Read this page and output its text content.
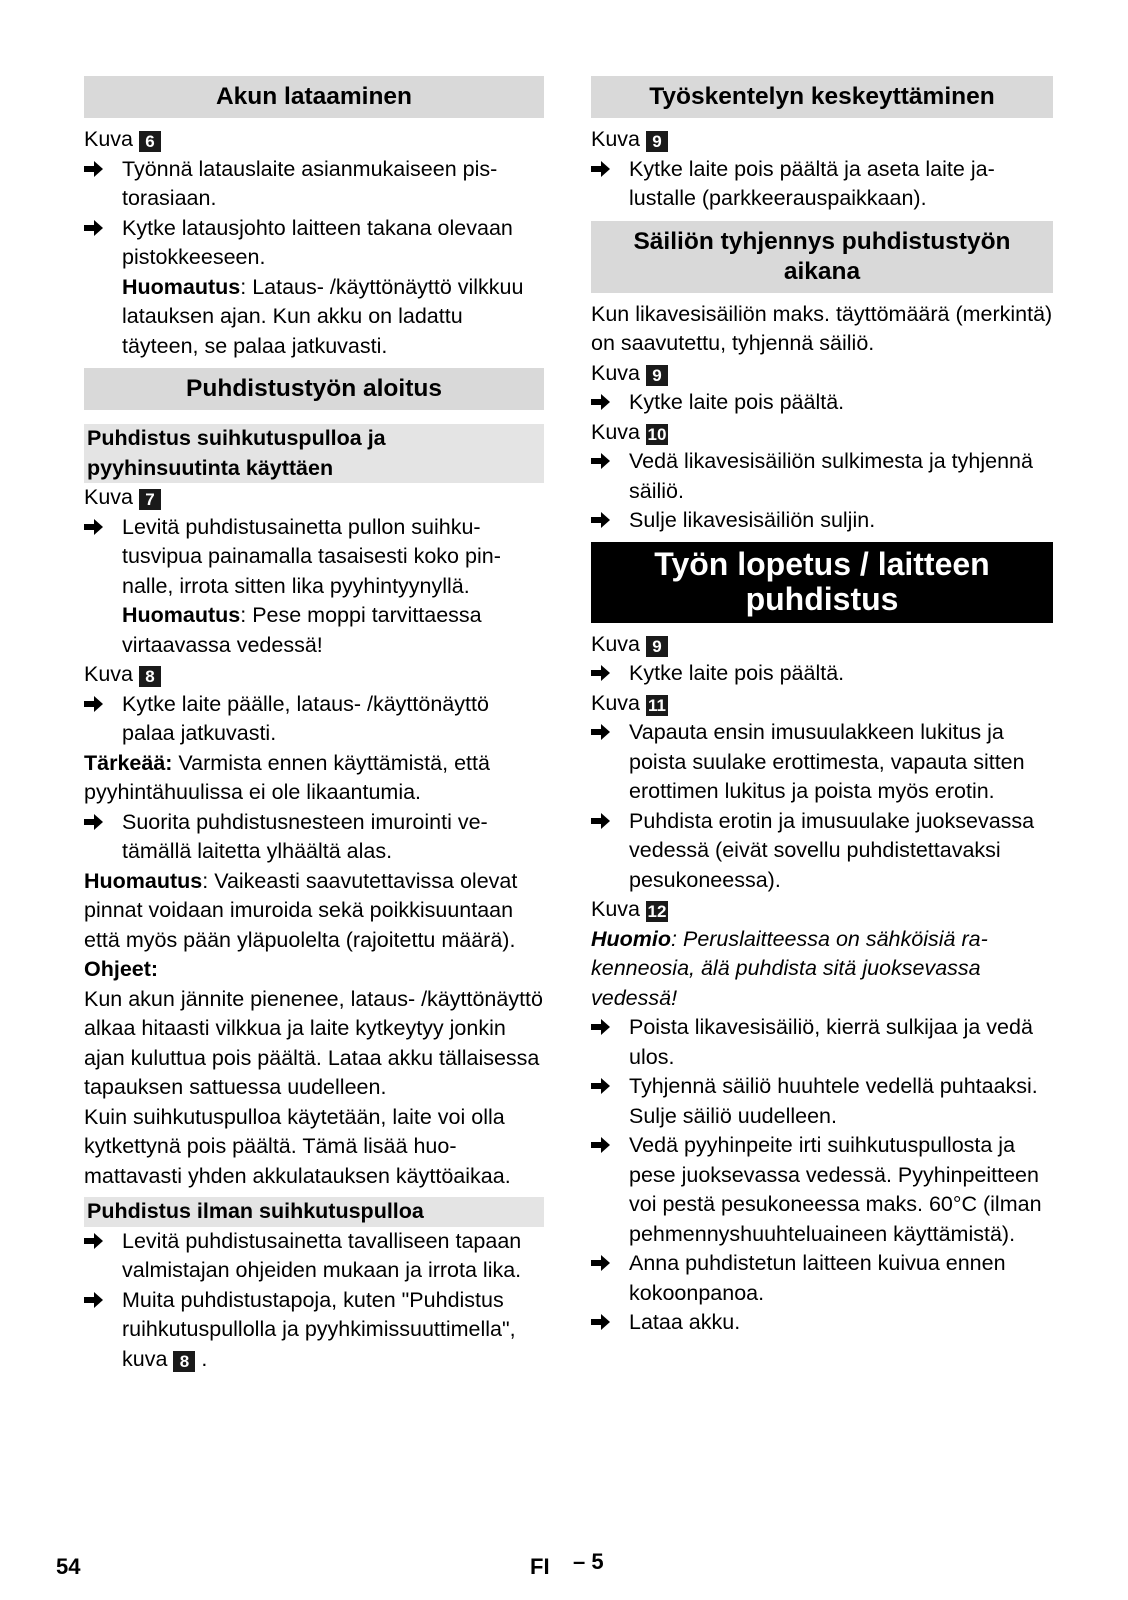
Akun lataaminen

Kuva 6

Työnnä latauslaite asianmukaiseen pistorasiaan.
Kytke latausjohto laitteen takana olevaan pistokkeeseen.
Huomautus: Lataus- /käyttönäyttö vilkkuu latauksen ajan. Kun akku on ladattu täyteen, se palaa jatkuvasti.
Puhdistustyön aloitus
Puhdistus suihkutuspulloa ja pyyhinsuutinta käyttäen

Kuva 7

Levitä puhdistusainetta pullon suihkutusvipua painamalla tasaisesti koko pinnalle, irrota sitten lika pyyhintyynyllä.
Huomautus: Pese moppi tarvittaessa virtaavassa vedessä!

Kuva 8

Kytke laite päälle, lataus- /käyttönäyttö palaa jatkuvasti.

Tärkeää: Varmista ennen käyttämistä, että pyyhintähuulissa ei ole likaantumia.

Suorita puhdistusnesteen imurointi vetämällä laitetta ylhäältä alas.

Huomautus: Vaikeasti saavutettavissa olevat pinnat voidaan imuroida sekä poikkisuuntaan että myös pään yläpuolelta (rajoitettu määrä).

Ohjeet:

Kun akun jännite pienenee, lataus- /käyttönäyttö alkaa hitaasti vilkkua ja laite kytkeytyy jonkin ajan kuluttua pois päältä. Lataa akku tällaisessa tapauksen sattuessa uudelleen.

Kuin suihkutuspulloa käytetään, laite voi olla kytkettynä pois päältä. Tämä lisää huomattavasti yhden akkulatauksen käyttöaikaa.

Puhdistus ilman suihkutuspulloa
Levitä puhdistusainetta tavalliseen tapaan valmistajan ohjeiden mukaan ja irrota lika.
Muita puhdistustapoja, kuten "Puhdistus ruihkutuspullolla ja pyyhkimissuuttimella", kuva 8 .
Työskentelyn keskeyttäminen

Kuva 9

Kytke laite pois päältä ja aseta laite jalustalle (parkkeerauspaikkaan).
Säiliön tyhjennys puhdistustyön aikana

Kun likavesisäiliön maks. täyttömäärä (merkintä) on saavutettu, tyhjennä säiliö.

Kuva 9

Kytke laite pois päältä.

Kuva 10

Vedä likavesisäiliön sulkimesta ja tyhjennä säiliö.
Sulje likavesisäiliön suljin.
Työn lopetus / laitteen puhdistus

Kuva 9

Kytke laite pois päältä.

Kuva 11

Vapauta ensin imusuulakkeen lukitus ja poista suulake erottimesta, vapauta sitten erottimen lukitus ja poista myös erotin.
Puhdista erotin ja imusuulake juoksevassa vedessä (eivät sovellu puhdistettavaksi pesukoneessa).

Kuva 12

Huomio: Peruslaitteessa on sähköisiä rakenneosia, älä puhdista sitä juoksevassa vedessä!

Poista likavesisäiliö, kierrä sulkijaa ja vedä ulos.
Tyhjennä säiliö huuhtele vedellä puhtaaksi. Sulje säiliö uudelleen.
Vedä pyyhinpeite irti suihkutuspullosta ja pese juoksevassa vedessä. Pyyhinpeitteen voi pestä pesukoneessa maks. 60°C (ilman pehmennyshuuhteluaineen käyttämistä).
Anna puhdistetun laitteen kuivua ennen kokoonpanoa.
Lataa akku.
54	FI – 5
